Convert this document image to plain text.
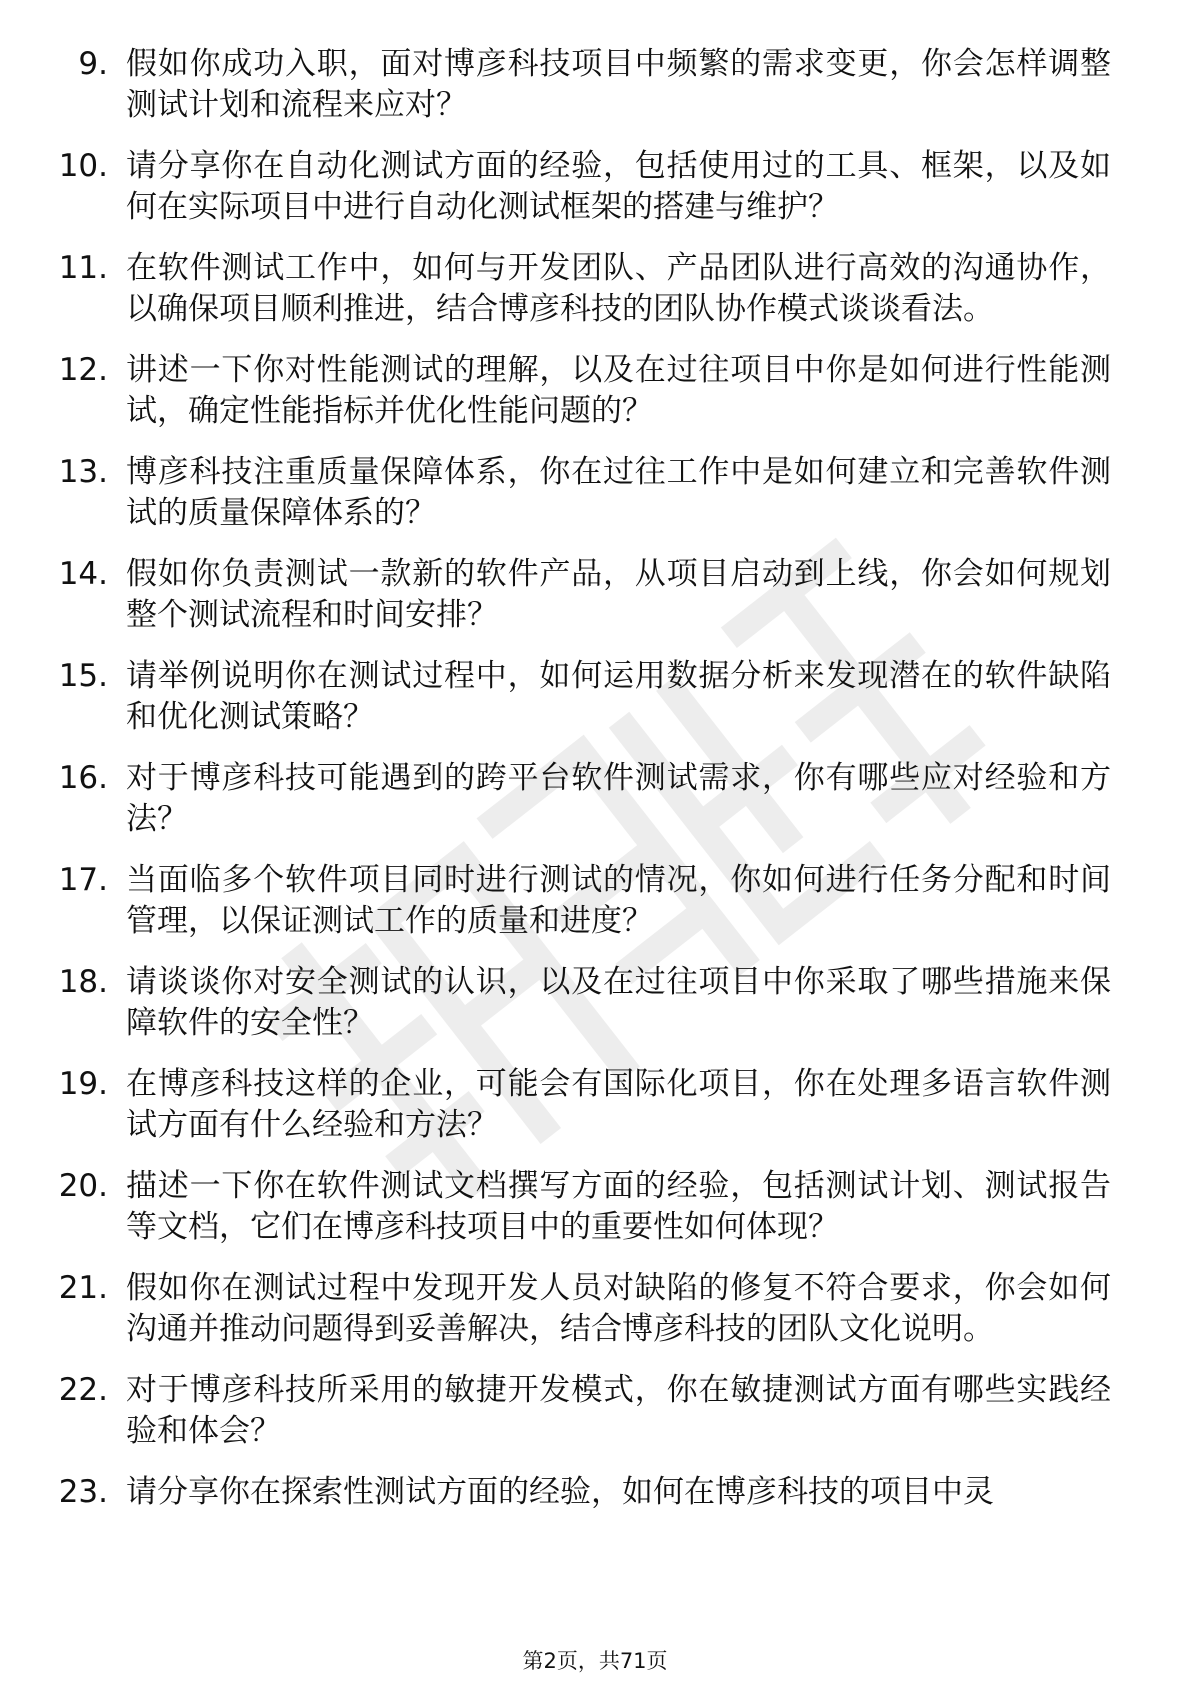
9. 假如你成功入职，面对博彦科技项目中频繁的需求变更，你会怎样调整测试计划和流程来应对？
10. 请分享你在自动化测试方面的经验，包括使用过的工具、框架，以及如何在实际项目中进行自动化测试框架的搭建与维护？
11. 在软件测试工作中，如何与开发团队、产品团队进行高效的沟通协作，以确保项目顺利推进，结合博彦科技的团队协作模式谈谈看法。
12. 讲述一下你对性能测试的理解，以及在过往项目中你是如何进行性能测试，确定性能指标并优化性能问题的？
13. 博彦科技注重质量保障体系，你在过往工作中是如何建立和完善软件测试的质量保障体系的？
14. 假如你负责测试一款新的软件产品，从项目启动到上线，你会如何规划整个测试流程和时间安排？
15. 请举例说明你在测试过程中，如何运用数据分析来发现潜在的软件缺陷和优化测试策略？
16. 对于博彦科技可能遇到的跨平台软件测试需求，你有哪些应对经验和方法？
17. 当面临多个软件项目同时进行测试的情况，你如何进行任务分配和时间管理，以保证测试工作的质量和进度？
18. 请谈谈你对安全测试的认识，以及在过往项目中你采取了哪些措施来保障软件的安全性？
19. 在博彦科技这样的企业，可能会有国际化项目，你在处理多语言软件测试方面有什么经验和方法？
20. 描述一下你在软件测试文档撰写方面的经验，包括测试计划、测试报告等文档，它们在博彦科技项目中的重要性如何体现？
21. 假如你在测试过程中发现开发人员对缺陷的修复不符合要求，你会如何沟通并推动问题得到妥善解决，结合博彦科技的团队文化说明。
22. 对于博彦科技所采用的敏捷开发模式，你在敏捷测试方面有哪些实践经验和体会？
23. 请分享你在探索性测试方面的经验，如何在博彦科技的项目中灵
第2页，共71页
